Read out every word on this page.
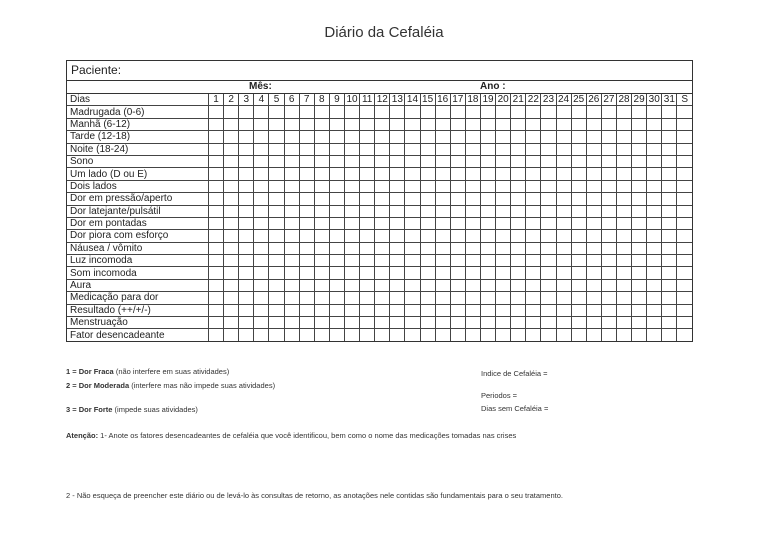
Diário da Cefaléia
Paciente:
Mês:	Ano :
Dias	1	2	3	4	5	6	7	8	9	10	11	12	13	14	15	16	17	18	19	20	21	22	23	24	25	26	27	28	29	30	31	S
Madrugada (0-6)																																
Manhã (6-12)																																
Tarde (12-18)																																
Noite (18-24)																																
Sono																																
Um lado (D ou E)																																
Dois lados																																
Dor em pressão/aperto																																
Dor latejante/pulsátil																																
Dor em pontadas																																
Dor piora com esforço																																
Náusea / vômito																																
Luz incomoda																																
Som incomoda																																
Aura																																
Medicação para dor																																
Resultado (++/+/-)																																
Menstruação																																
Fator desencadeante																																
1 = Dor Fraca (não interfere em suas atividades)
2 = Dor Moderada (interfere mas não impede suas atividades)
3 = Dor Forte (impede suas atividades)
Indice de Cefaléia =
Periodos =
Dias sem Cefaléia =
Atenção: 1- Anote os fatores desencadeantes de cefaléia que você identificou, bem como o nome das medicações tomadas nas crises
2 - Não esqueça de preencher este diário ou de levá-lo às consultas de retorno, as anotações nele contidas são fundamentais para o seu tratamento.
